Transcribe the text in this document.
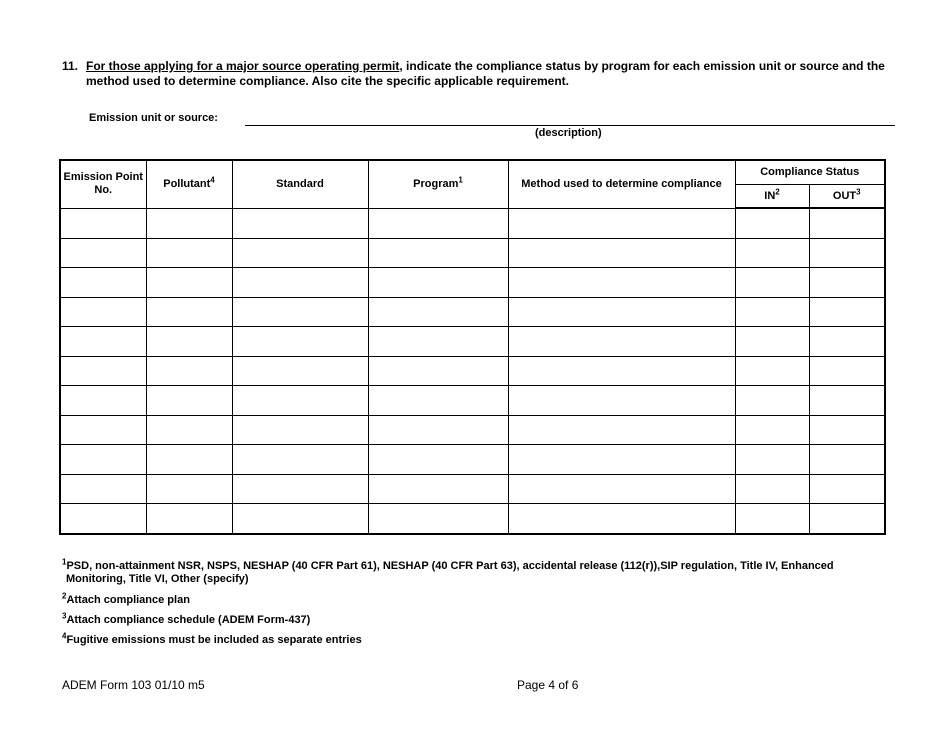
11. For those applying for a major source operating permit, indicate the compliance status by program for each emission unit or source and the method used to determine compliance. Also cite the specific applicable requirement.
Emission unit or source:
(description)
Emission Point No.	Pollutant$^4$	Standard	Program$^1$	Method used to determine compliance	Compliance Status	
					$IN^2$	OUT$^3$

$^1$PSD, non-attainment NSR, NSPS, NESHAP (40 CFR Part 61), NESHAP (40 CFR Part 63), accidental release (112(r)),SIP regulation, Title IV, Enhanced
Monitoring, Title VI, Other (specify)
$^2$Attach compliance plan
$^3$Attach compliance schedule (ADEM Form-437)
$^4$Fugitive emissions must be included as separate entries
ADEM Form 103 01/10 m5	Page 4 of 6
